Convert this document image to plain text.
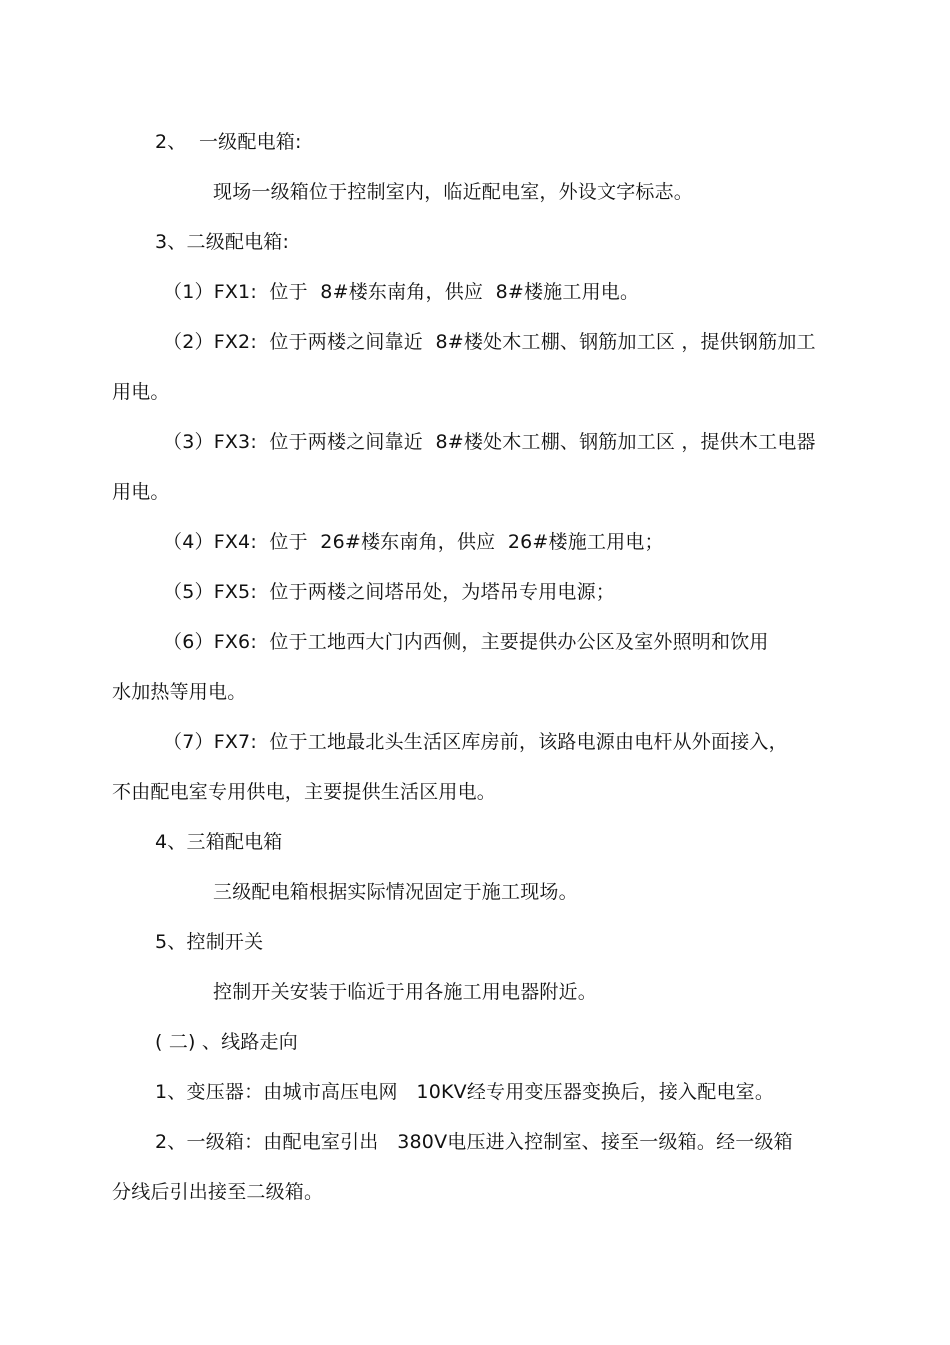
2、  一级配电箱:
现场一级箱位于控制室内，临近配电室，外设文字标志。
3、二级配电箱:
（1）FX1:  位于  8#楼东南角，供应  8#楼施工用电。
（2）FX2:  位于两楼之间靠近  8#楼处木工棚、钢筋加工区 ，提供钢筋加工
用电。
（3）FX3:  位于两楼之间靠近  8#楼处木工棚、钢筋加工区 ，提供木工电器
用电。
（4）FX4:  位于  26#楼东南角，供应  26#楼施工用电；
（5）FX5:  位于两楼之间塔吊处，为塔吊专用电源；
（6）FX6:  位于工地西大门内西侧，主要提供办公区及室外照明和饮用
水加热等用电。
（7）FX7:  位于工地最北头生活区库房前，该路电源由电杆从外面接入，
不由配电室专用供电，主要提供生活区用电。
4、三箱配电箱
三级配电箱根据实际情况固定于施工现场。
5、控制开关
控制开关安装于临近于用各施工用电器附近。
( 二) 、线路走向
1、变压器：由城市高压电网   10KV经专用变压器变换后，接入配电室。
2、一级箱：由配电室引出   380V电压进入控制室、接至一级箱。经一级箱
分线后引出接至二级箱。
